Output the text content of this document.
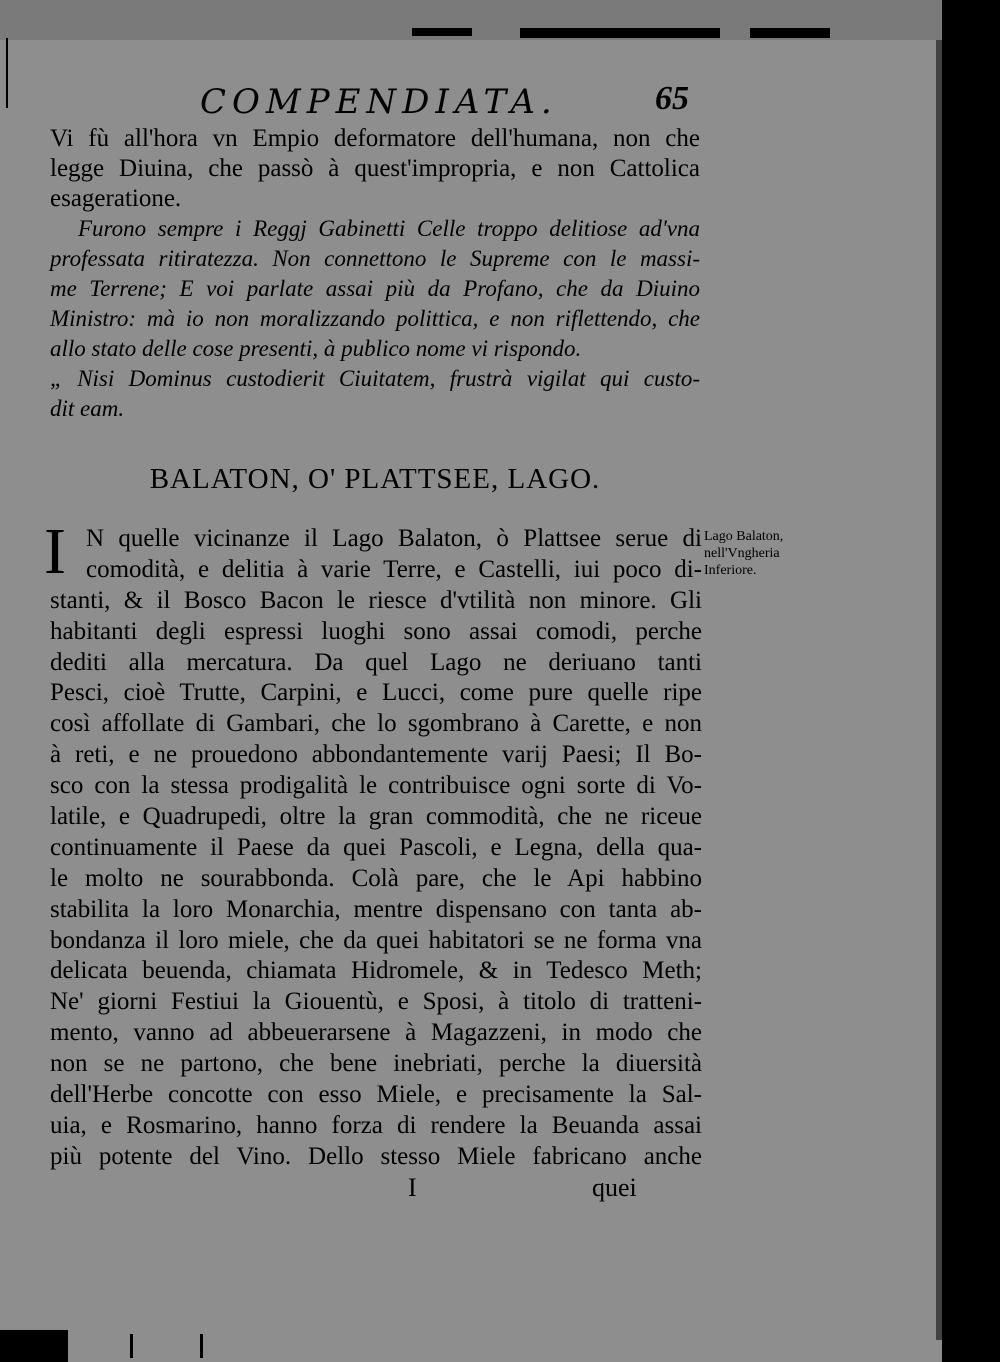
COMPENDIATA.	65
Vi fù all'hora vn Empio deformatore dell'humana, non che
legge Diuina, che passò à quest'impropria, e non Cattolica
esageratione.
Furono sempre i Reggj Gabinetti Celle troppo delitiose ad'vna
professata ritiratezza. Non connettono le Supreme con le massi-
me Terrene; E voi parlate assai più da Profano, che da Diuino
Ministro: mà io non moralizzando polittica, e non riflettendo, che
allo stato delle cose presenti, à publico nome vi rispondo.
„ Nisi Dominus custodierit Ciuitatem, frustrà vigilat qui custo-
dit eam.
BALATON, O' PLATTSEE, LAGO.
I N quelle vicinanze il Lago Balaton, ò Plattsee serue di
comodità, e delitia à varie Terre, e Castelli, iui poco di-
stanti, & il Bosco Bacon le riesce d'vtilità non minore. Gli
habitanti degli espressi luoghi sono assai comodi, perche
dediti alla mercatura. Da quel Lago ne deriuano tanti
Pesci, cioè Trutte, Carpini, e Lucci, come pure quelle ripe
così affollate di Gambari, che lo sgombrano à Carette, e non
à reti, e ne prouedono abbondantemente varij Paesi; Il Bo-
sco con la stessa prodigalità le contribuisce ogni sorte di Vo-
latile, e Quadrupedi, oltre la gran commodità, che ne riceue
continuamente il Paese da quei Pascoli, e Legna, della qua-
le molto ne sourabbonda. Colà pare, che le Api habbino
stabilita la loro Monarchia, mentre dispensano con tanta ab-
bondanza il loro miele, che da quei habitatori se ne forma vna
delicata beuenda, chiamata Hidromele, & in Tedesco Meth;
Ne' giorni Festiui la Giouentù, e Sposi, à titolo di tratteni-
mento, vanno ad abbeuerarsene à Magazzeni, in modo che
non se ne partono, che bene inebriati, perche la diuersità
dell'Herbe concotte con esso Miele, e precisamente la Sal-
uia, e Rosmarino, hanno forza di rendere la Beuanda assai
più potente del Vino. Dello stesso Miele fabricano anche
Lago Balaton,
nell'Vngheria
Inferiore.
I	quei
